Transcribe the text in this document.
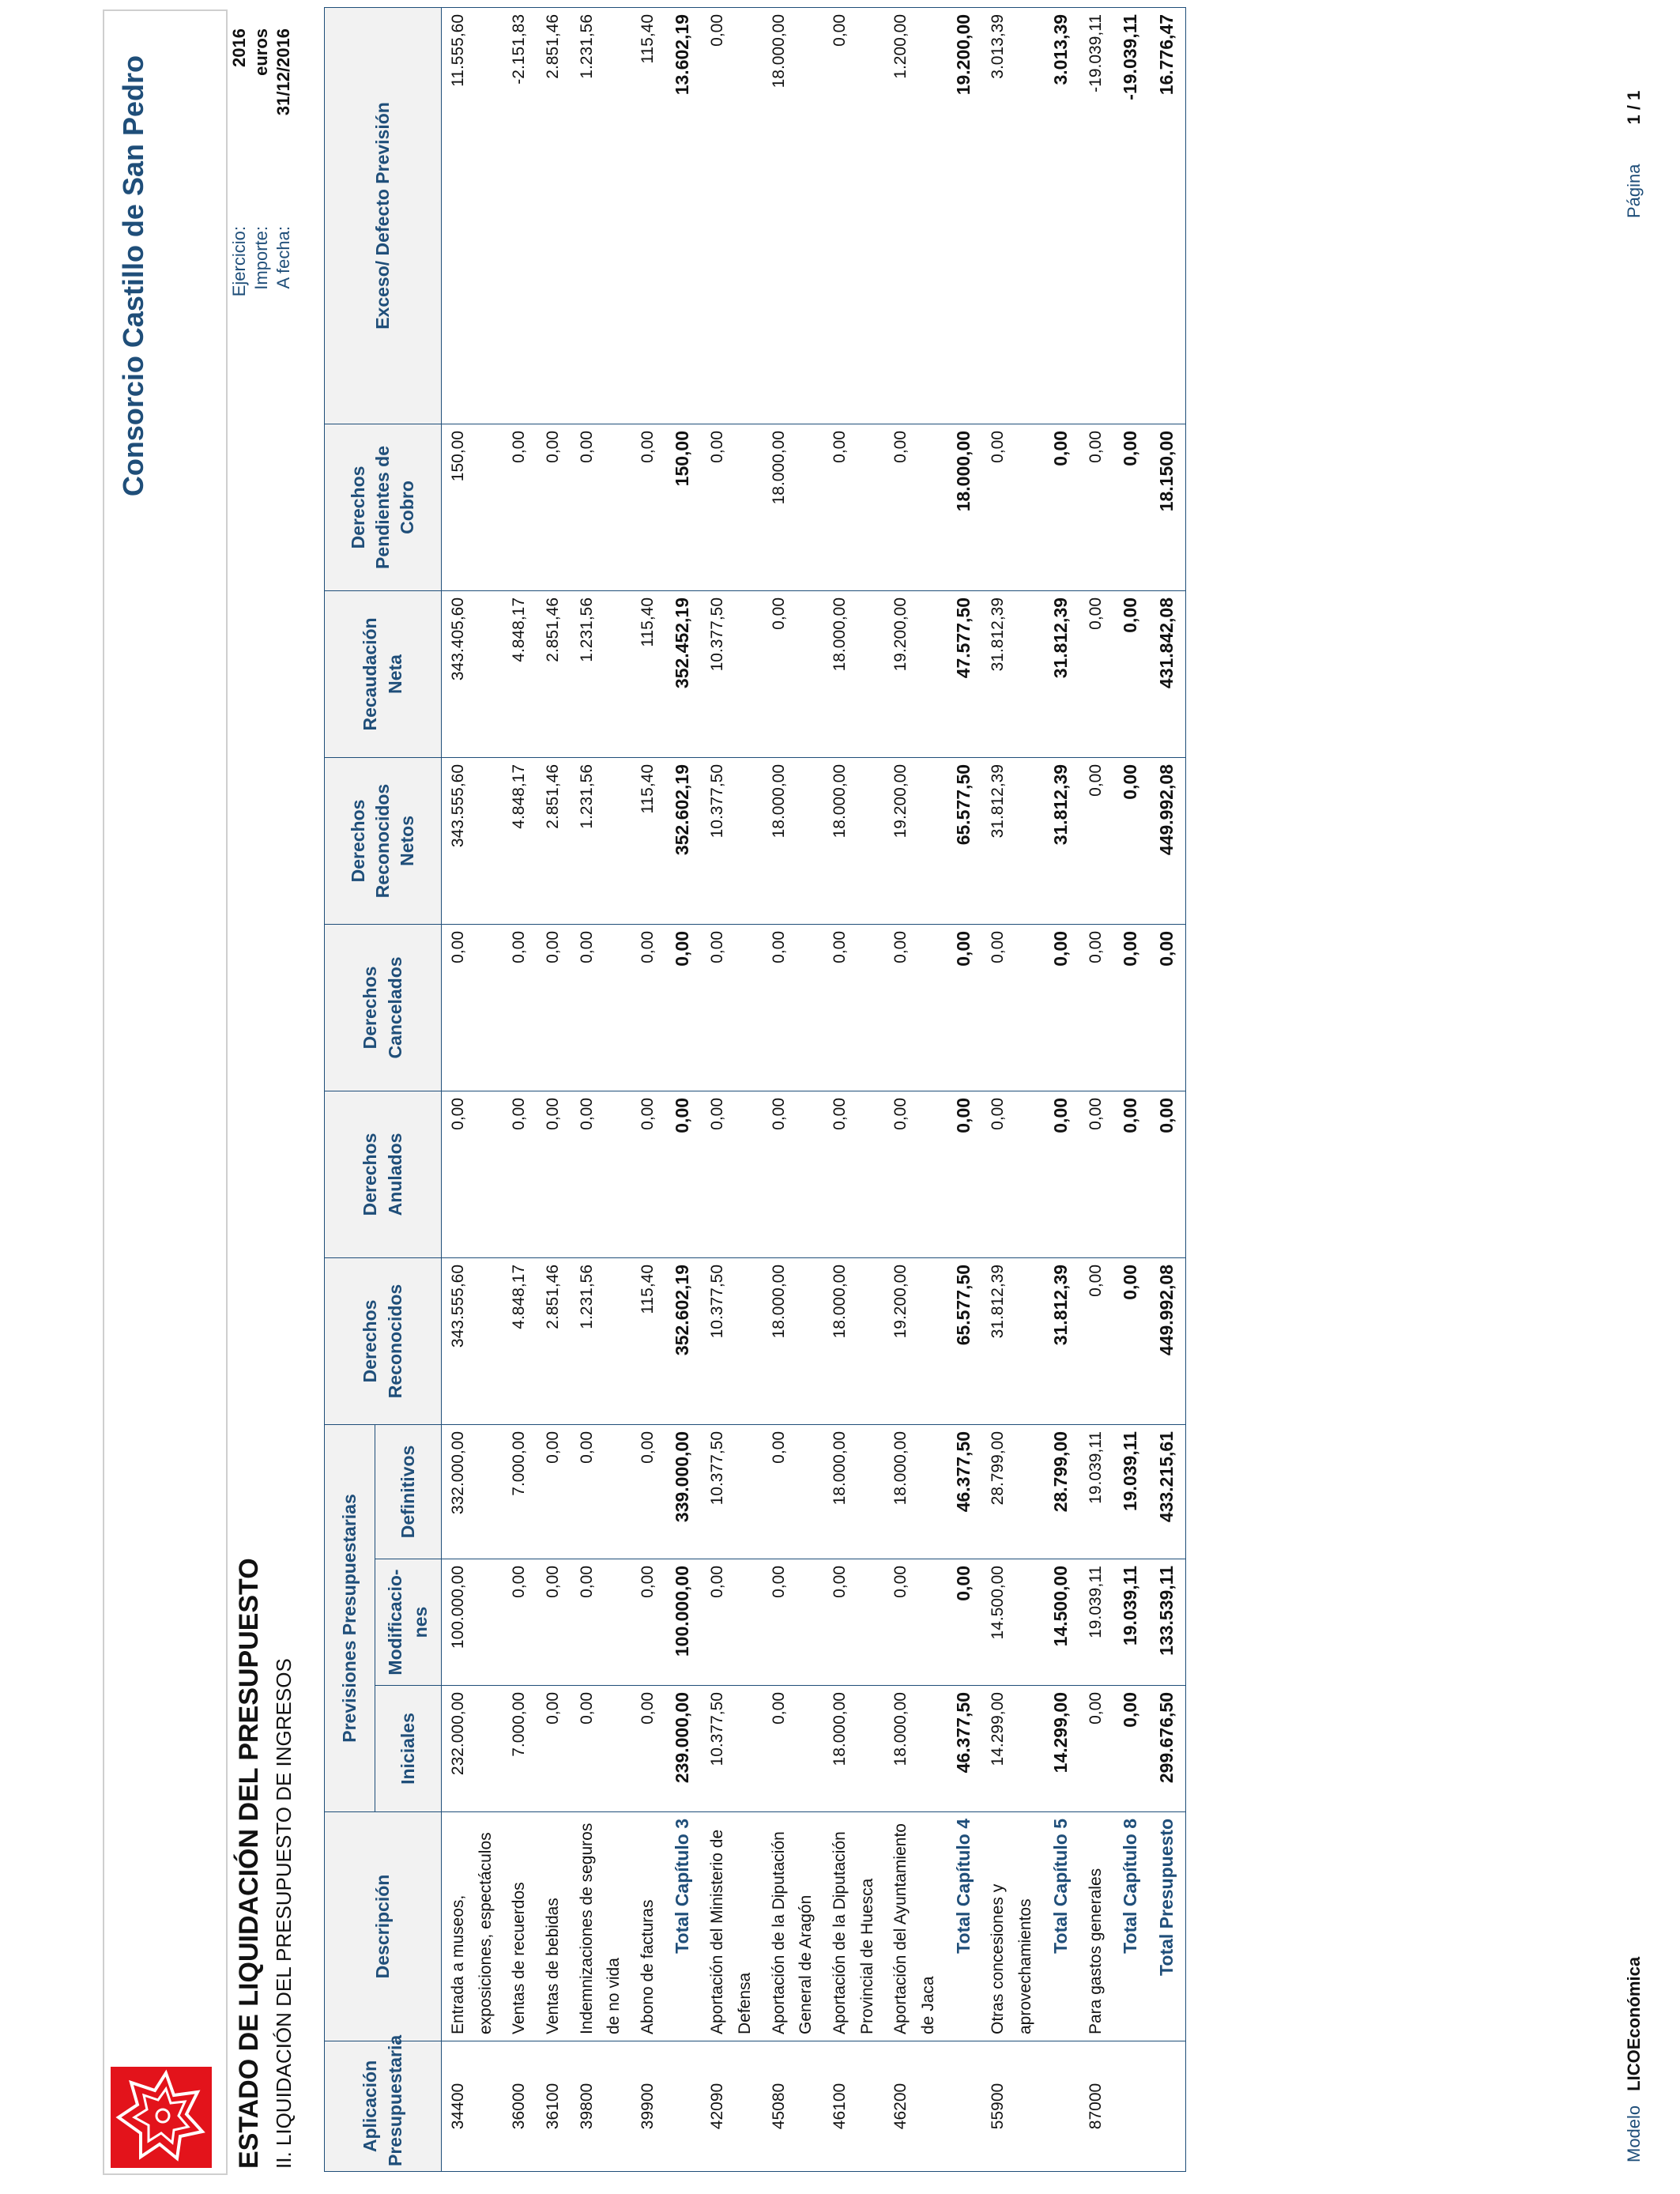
Consorcio Castillo de San Pedro
ESTADO DE LIQUIDACIÓN DEL PRESUPUESTO II. LIQUIDACIÓN DEL PRESUPUESTO DE INGRESOS
Ejercicio:
2016
Importe:
euros
A fecha:
31/12/2016
Aplicación Presupuestaria	Descripción	Previsiones Presupuestarias			Derechos Reconocidos	Derechos Anulados	Derechos Cancelados	Derechos Reconocidos Netos	Recaudación Neta	Derechos Pendientes de Cobro	Exceso/ Defecto Previsión
		Iniciales	Modificacio-nes	Definitivos							
34400	Entrada a museos, exposiciones, espectáculos	232.000,00	100.000,00	332.000,00	343.555,60	0,00	0,00	343.555,60	343.405,60	150,00	11.555,60
36000	Ventas de recuerdos	7.000,00	0,00	7.000,00	4.848,17	0,00	0,00	4.848,17	4.848,17	0,00	-2.151,83
36100	Ventas de bebidas	0,00	0,00	0,00	2.851,46	0,00	0,00	2.851,46	2.851,46	0,00	2.851,46
39800	Indemnizaciones de seguros de no vida	0,00	0,00	0,00	1.231,56	0,00	0,00	1.231,56	1.231,56	0,00	1.231,56
39900	Abono de facturas	0,00	0,00	0,00	115,40	0,00	0,00	115,40	115,40	0,00	115,40
	Total Capítulo 3	239.000,00	100.000,00	339.000,00	352.602,19	0,00	0,00	352.602,19	352.452,19	150,00	13.602,19
42090	Aportación del Ministerio de Defensa	10.377,50	0,00	10.377,50	10.377,50	0,00	0,00	10.377,50	10.377,50	0,00	0,00
45080	Aportación de la Diputación General de Aragón	0,00	0,00	0,00	18.000,00	0,00	0,00	18.000,00	0,00	18.000,00	18.000,00
46100	Aportación de la Diputación Provincial de Huesca	18.000,00	0,00	18.000,00	18.000,00	0,00	0,00	18.000,00	18.000,00	0,00	0,00
46200	Aportación del Ayuntamiento de Jaca	18.000,00	0,00	18.000,00	19.200,00	0,00	0,00	19.200,00	19.200,00	0,00	1.200,00
	Total Capítulo 4	46.377,50	0,00	46.377,50	65.577,50	0,00	0,00	65.577,50	47.577,50	18.000,00	19.200,00
55900	Otras concesiones y aprovechamientos	14.299,00	14.500,00	28.799,00	31.812,39	0,00	0,00	31.812,39	31.812,39	0,00	3.013,39
	Total Capítulo 5	14.299,00	14.500,00	28.799,00	31.812,39	0,00	0,00	31.812,39	31.812,39	0,00	3.013,39
87000	Para gastos generales	0,00	19.039,11	19.039,11	0,00	0,00	0,00	0,00	0,00	0,00	-19.039,11
	Total Capítulo 8	0,00	19.039,11	19.039,11	0,00	0,00	0,00	0,00	0,00	0,00	-19.039,11
	Total Presupuesto	299.676,50	133.539,11	433.215,61	449.992,08	0,00	0,00	449.992,08	431.842,08	18.150,00	16.776,47
ModeloLICOEconómica
Página1 / 1
